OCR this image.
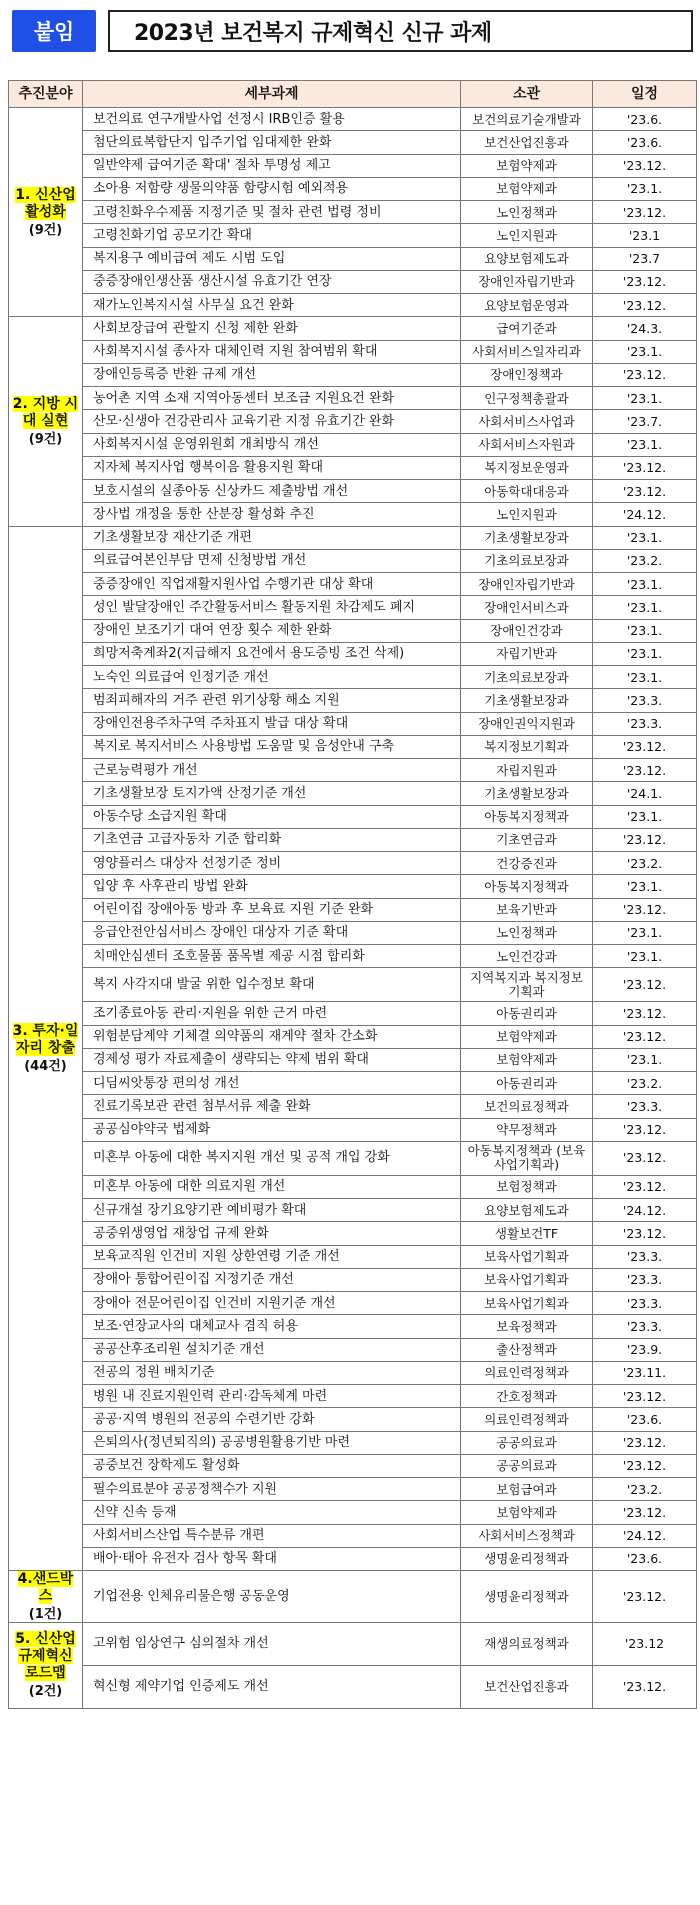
붙임	2023년 보건복지 규제혁신 신규 과제
추진분야	세부과제	소관	일정
1. 신산업 활성화
(9건)	보건의료 연구개발사업 선정시 IRB인증 활용	보건의료기술개발과	'23.6.
	첨단의료복합단지 입주기업 임대제한 완화	보건산업진흥과	'23.6.
	일반약제 급여기준 확대' 절차 투명성 제고	보험약제과	'23.12.
	소아용 저함량 생물의약품 함량시험 예외적용	보험약제과	'23.1.
	고령친화우수제품 지정기준 및 절차 관련 법령 정비	노인정책과	'23.12.
	고령친화기업 공모기간 확대	노인지원과	'23.1
	복지용구 예비급여 제도 시범 도입	요양보험제도과	'23.7
	중증장애인생산품 생산시설 유효기간 연장	장애인자립기반과	'23.12.
	재가노인복지시설 사무실 요건 완화	요양보험운영과	'23.12.
2. 지방 시대 실현
(9건)	사회보장급여 관할지 신청 제한 완화	급여기준과	'24.3.
	사회복지시설 종사자 대체인력 지원 참여범위 확대	사회서비스일자리과	'23.1.
	장애인등록증 반환 규제 개선	장애인정책과	'23.12.
	농어촌 지역 소재 지역아동센터 보조금 지원요건 완화	인구정책총괄과	'23.1.
	산모·신생아 건강관리사 교육기관 지정 유효기간 완화	사회서비스사업과	'23.7.
	사회복지시설 운영위원회 개최방식 개선	사회서비스자원과	'23.1.
	지자체 복지사업 행복이음 활용지원 확대	복지정보운영과	'23.12.
	보호시설의 실종아동 신상카드 제출방법 개선	아동학대대응과	'23.12.
	장사법 개정을 통한 산분장 활성화 추진	노인지원과	'24.12.
3. 투자·일자리 창출
(44건)	기초생활보장 재산기준 개편	기초생활보장과	'23.1.
	의료급여본인부담 면제 신청방법 개선	기초의료보장과	'23.2.
	중증장애인 직업재활지원사업 수행기관 대상 확대	장애인자립기반과	'23.1.
	성인 발달장애인 주간활동서비스 활동지원 차감제도 폐지	장애인서비스과	'23.1.
	장애인 보조기기 대여 연장 횟수 제한 완화	장애인건강과	'23.1.
	희망저축계좌2(지급해지 요건에서 용도증빙 조건 삭제)	자립기반과	'23.1.
	노숙인 의료급여 인정기준 개선	기초의료보장과	'23.1.
	범죄피해자의 거주 관련 위기상황 해소 지원	기초생활보장과	'23.3.
	장애인전용주차구역 주차표지 발급 대상 확대	장애인권익지원과	'23.3.
	복지로 복지서비스 사용방법 도움말 및 음성안내 구축	복지정보기획과	'23.12.
	근로능력평가 개선	자립지원과	'23.12.
	기초생활보장 토지가액 산정기준 개선	기초생활보장과	'24.1.
	아동수당 소급지원 확대	아동복지정책과	'23.1.
	기초연금 고급자동차 기준 합리화	기초연금과	'23.12.
	영양플러스 대상자 선정기준 정비	건강증진과	'23.2.
	입양 후 사후관리 방법 완화	아동복지정책과	'23.1.
	어린이집 장애아동 방과 후 보육료 지원 기준 완화	보육기반과	'23.12.
	응급안전안심서비스 장애인 대상자 기준 확대	노인정책과	'23.1.
	치매안심센터 조호물품 품목별 제공 시점 합리화	노인건강과	'23.1.
	복지 사각지대 발굴 위한 입수정보 확대	지역복지과 복지정보기획과	'23.12.
	조기종료아동 관리·지원을 위한 근거 마련	아동권리과	'23.12.
	위험분담계약 기체결 의약품의 재계약 절차 간소화	보험약제과	'23.12.
	경제성 평가 자료제출이 생략되는 약제 범위 확대	보험약제과	'23.1.
	디딤씨앗통장 편의성 개선	아동권리과	'23.2.
	진료기록보관 관련 첨부서류 제출 완화	보건의료정책과	'23.3.
	공공심야약국 법제화	약무정책과	'23.12.
	미혼부 아동에 대한 복지지원 개선 및 공적 개입 강화	아동복지정책과 (보육사업기획과)	'23.12.
	미혼부 아동에 대한 의료지원 개선	보험정책과	'23.12.
	신규개설 장기요양기관 예비평가 확대	요양보험제도과	'24.12.
	공중위생영업 재창업 규제 완화	생활보건TF	'23.12.
	보육교직원 인건비 지원 상한연령 기준 개선	보육사업기획과	'23.3.
	장애아 통합어린이집 지정기준 개선	보육사업기획과	'23.3.
	장애아 전문어린이집 인건비 지원기준 개선	보육사업기획과	'23.3.
	보조·연장교사의 대체교사 겸직 허용	보육정책과	'23.3.
	공공산후조리원 설치기준 개선	출산정책과	'23.9.
	전공의 정원 배치기준	의료인력정책과	'23.11.
	병원 내 진료지원인력 관리·감독체계 마련	간호정책과	'23.12.
	공공·지역 병원의 전공의 수련기반 강화	의료인력정책과	'23.6.
	은퇴의사(정년퇴직의) 공공병원활용기반 마련	공공의료과	'23.12.
	공중보건 장학제도 활성화	공공의료과	'23.12.
	필수의료분야 공공정책수가 지원	보험급여과	'23.2.
	신약 신속 등재	보험약제과	'23.12.
	사회서비스산업 특수분류 개편	사회서비스정책과	'24.12.
	배아·태아 유전자 검사 항목 확대	생명윤리정책과	'23.6.
4.샌드박스
(1건)	기업전용 인체유리물은행 공동운영	생명윤리정책과	'23.12.
5. 신산업 규제혁신 로드맵
(2건)	고위험 임상연구 심의절차 개선	재생의료정책과	'23.12
	혁신형 제약기업 인증제도 개선	보건산업진흥과	'23.12.
